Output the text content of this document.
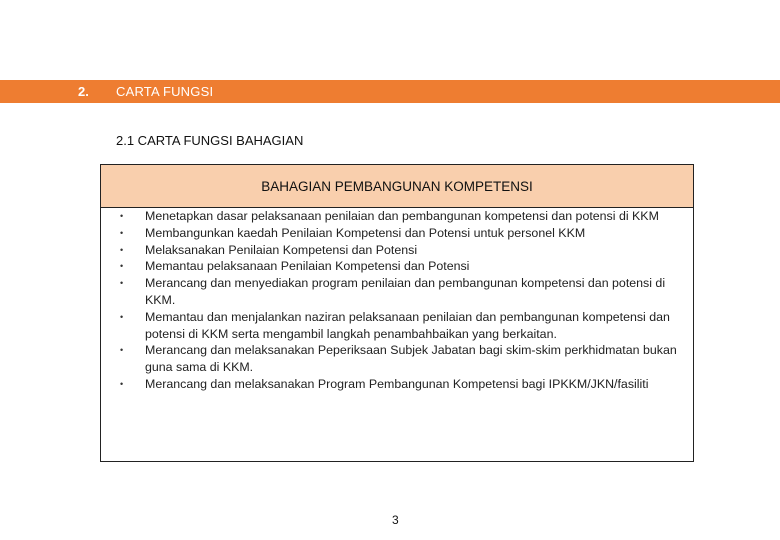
2. CARTA FUNGSI
2.1 CARTA FUNGSI BAHAGIAN
BAHAGIAN PEMBANGUNAN KOMPETENSI
• Menetapkan dasar pelaksanaan penilaian dan pembangunan kompetensi dan potensi di KKM
• Membangunkan kaedah Penilaian Kompetensi dan Potensi untuk personel KKM
• Melaksanakan Penilaian Kompetensi dan Potensi
• Memantau pelaksanaan Penilaian Kompetensi dan Potensi
• Merancang dan menyediakan program penilaian dan pembangunan kompetensi dan potensi di KKM.
• Memantau dan menjalankan naziran pelaksanaan penilaian dan pembangunan kompetensi dan potensi di KKM serta mengambil langkah penambahbaikan yang berkaitan.
• Merancang dan melaksanakan Peperiksaan Subjek Jabatan bagi skim-skim perkhidmatan bukan guna sama di KKM.
• Merancang dan melaksanakan Program Pembangunan Kompetensi bagi IPKKM/JKN/fasiliti
3
